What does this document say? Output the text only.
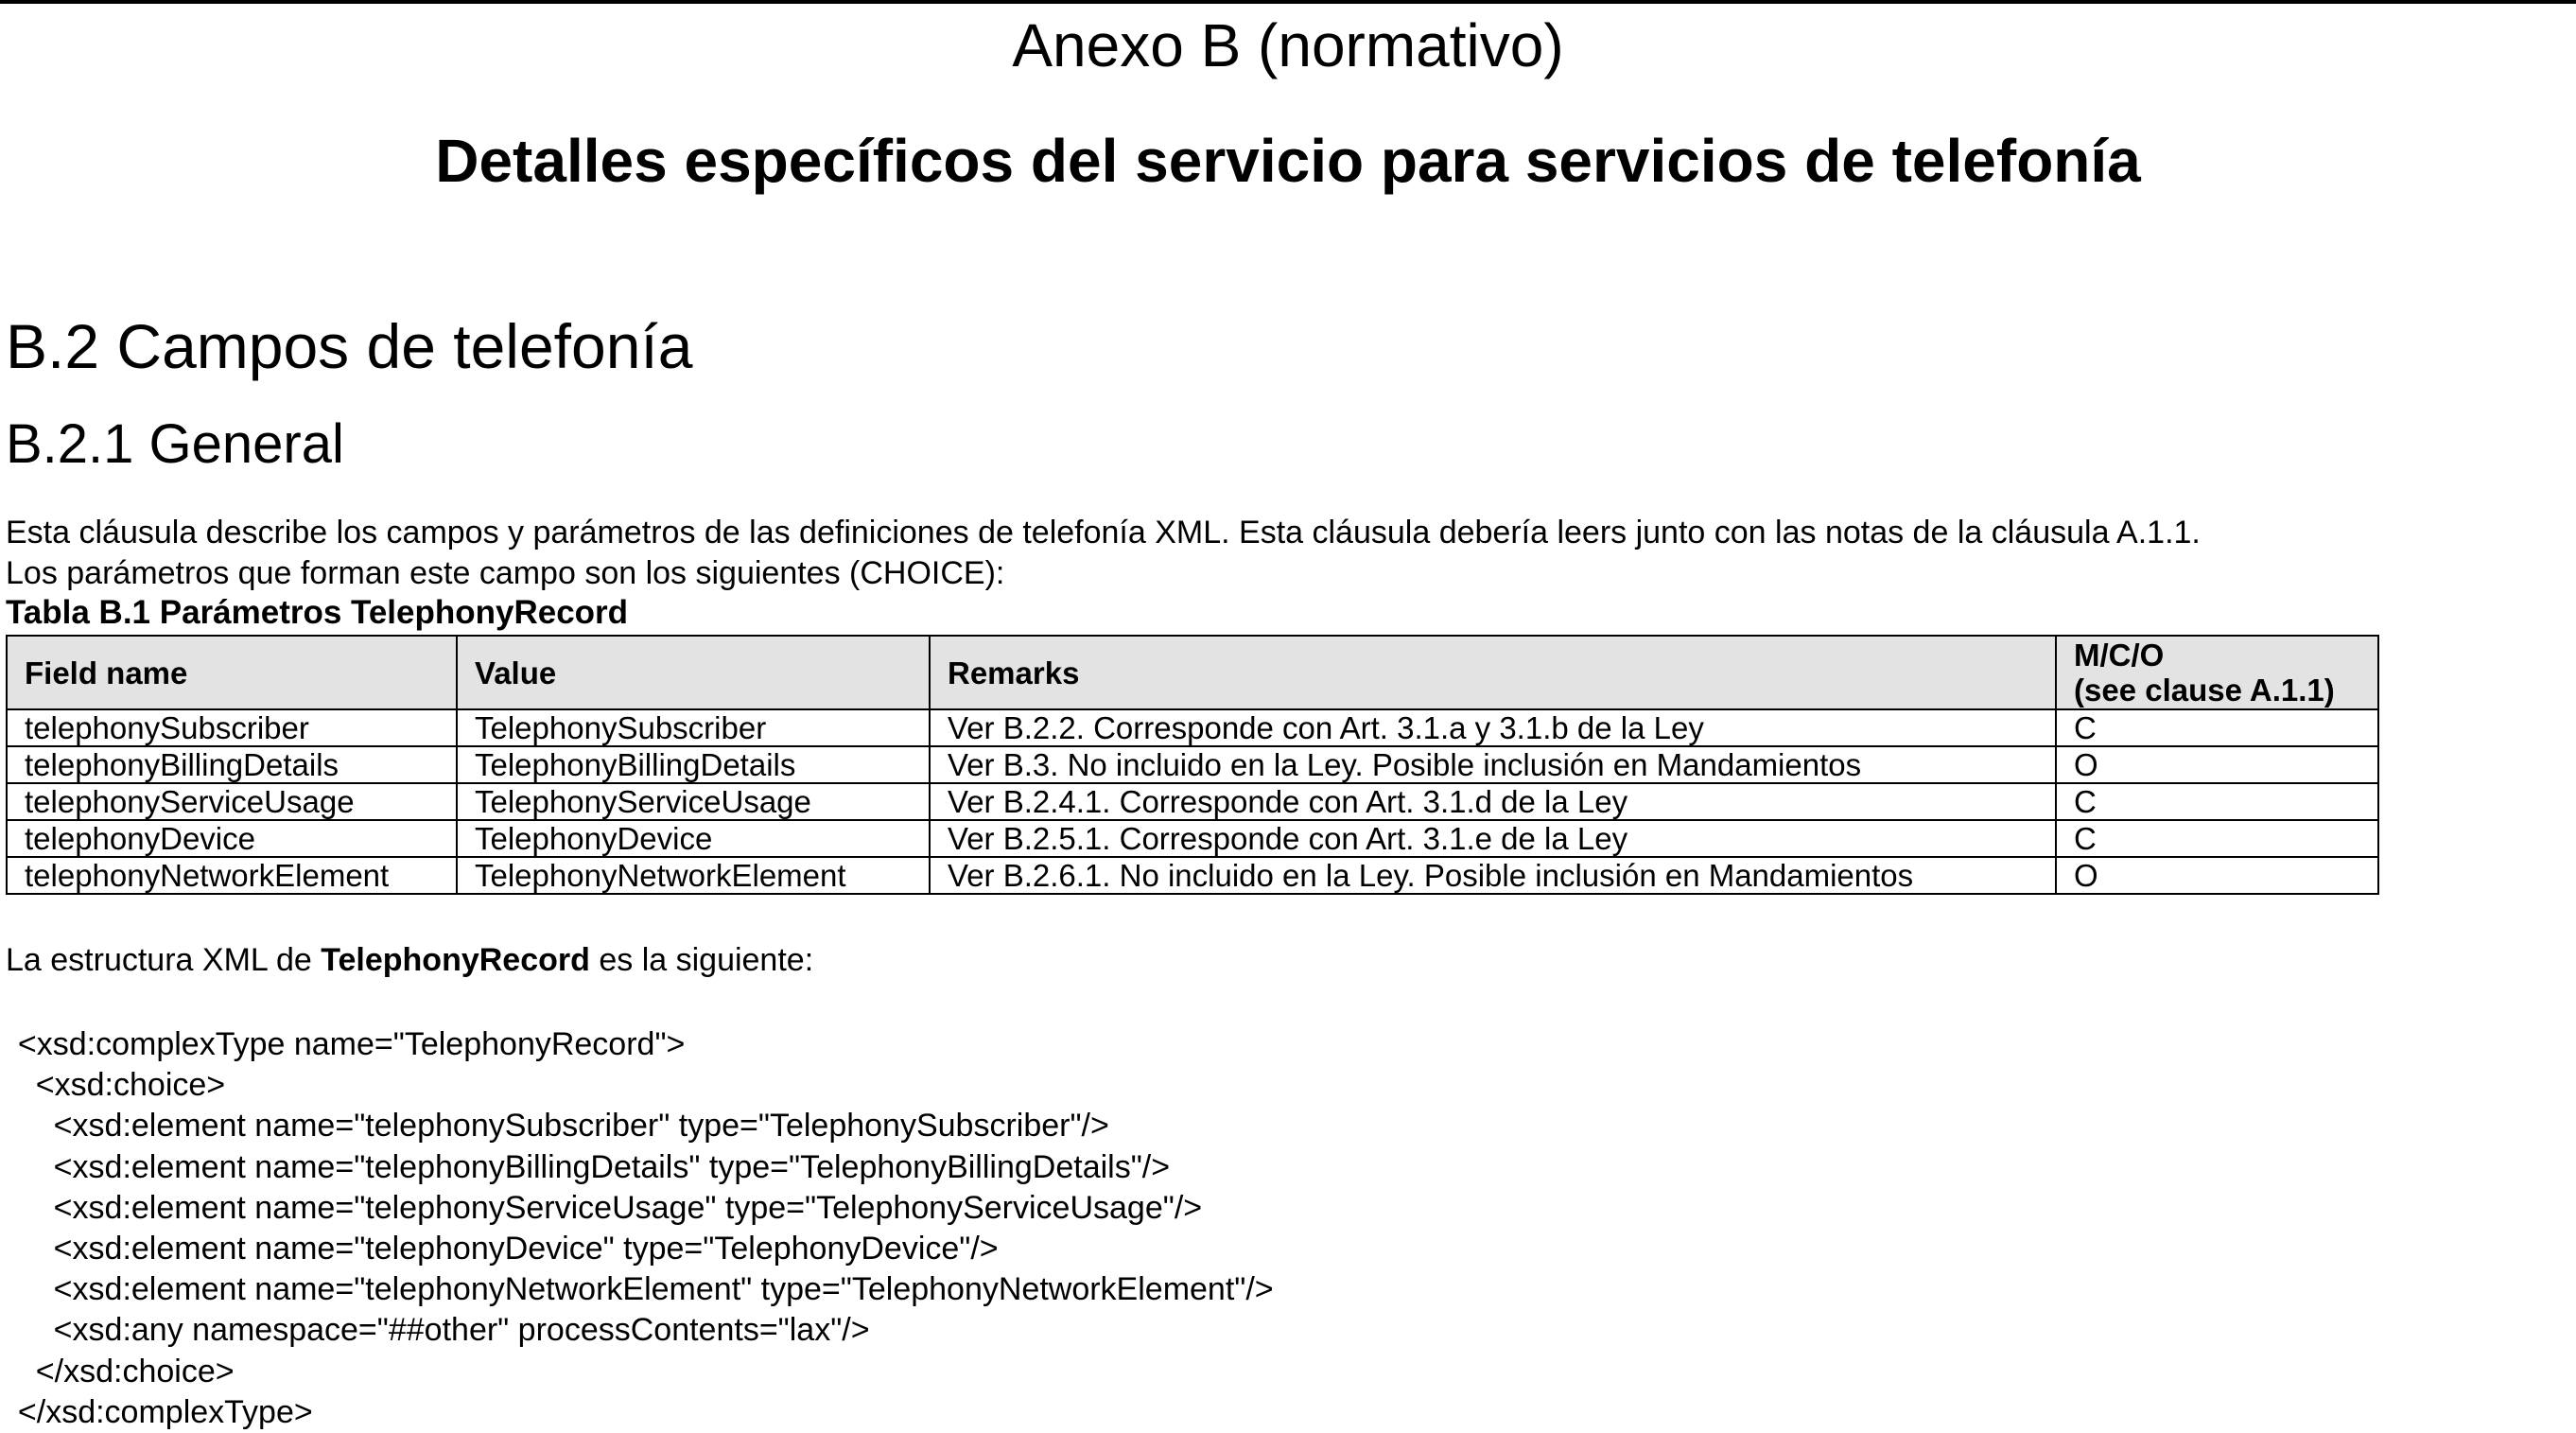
Anexo B (normativo)
Detalles específicos del servicio para servicios de telefonía
B.2 Campos de telefonía
B.2.1 General

Esta cláusula describe los campos y parámetros de las definiciones de telefonía XML. Esta cláusula debería leers junto con las notas de la cláusula A.1.1.

Los parámetros que forman este campo son los siguientes (CHOICE):

Tabla B.1 Parámetros TelephonyRecord

Field name	Value	Remarks	M/C/O
(see clause A.1.1)

telephonySubscriber	TelephonySubscriber	Ver B.2.2. Corresponde con Art. 3.1.a y 3.1.b de la Ley	C
telephonyBillingDetails	TelephonyBillingDetails	Ver B.3. No incluido en la Ley. Posible inclusión en Mandamientos	O
telephonyServiceUsage	TelephonyServiceUsage	Ver B.2.4.1. Corresponde con Art. 3.1.d de la Ley	C
telephonyDevice	TelephonyDevice	Ver B.2.5.1. Corresponde con Art. 3.1.e de la Ley	C
telephonyNetworkElement	TelephonyNetworkElement	Ver B.2.6.1. No incluido en la Ley. Posible inclusión en Mandamientos	O

La estructura XML de TelephonyRecord es la siguiente:

<xsd:complexType name="TelephonyRecord">
<xsd:choice>
<xsd:element name="telephonySubscriber" type="TelephonySubscriber"/>
<xsd:element name="telephonyBillingDetails" type="TelephonyBillingDetails"/>
<xsd:element name="telephonyServiceUsage" type="TelephonyServiceUsage"/>
<xsd:element name="telephonyDevice" type="TelephonyDevice"/>
<xsd:element name="telephonyNetworkElement" type="TelephonyNetworkElement"/>
<xsd:any namespace="##other" processContents="lax"/>
</xsd:choice>
</xsd:complexType>
